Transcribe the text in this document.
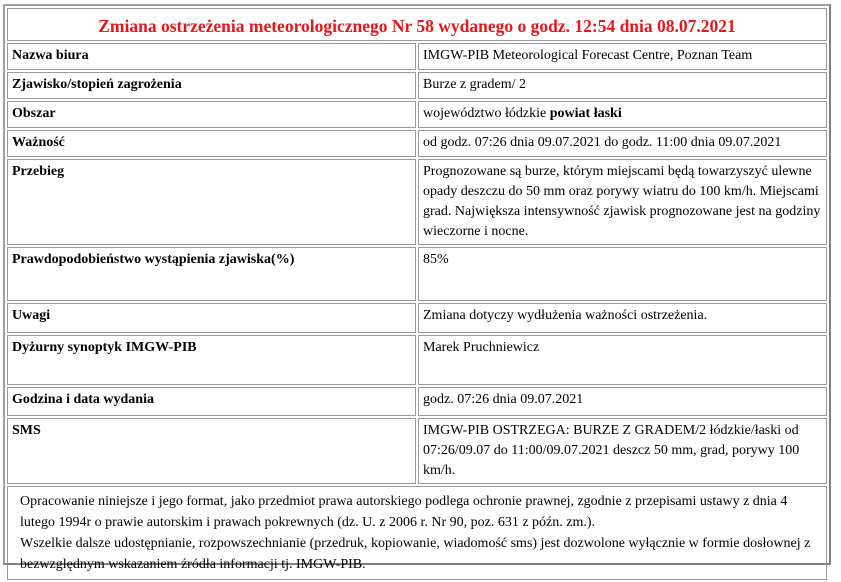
Zmiana ostrzeżenia meteorologicznego Nr 58 wydanego o godz. 12:54 dnia 08.07.2021	
Nazwa biura	IMGW-PIB Meteorological Forecast Centre, Poznan Team
Zjawisko/stopień zagrożenia	Burze z gradem/ 2
Obszar	województwo łódzkie powiat łaski
Ważność	od godz. 07:26 dnia 09.07.2021 do godz. 11:00 dnia 09.07.2021
Przebieg	Prognozowane są burze, którym miejscami będą towarzyszyć ulewne opady deszczu do 50 mm oraz porywy wiatru do 100 km/h. Miejscami grad. Największa intensywność zjawisk prognozowane jest na godziny wieczorne i nocne.
Prawdopodobieństwo wystąpienia zjawiska(%)	85%
Uwagi	Zmiana dotyczy wydłużenia ważności ostrzeżenia.
Dyżurny synoptyk IMGW-PIB	Marek Pruchniewicz
Godzina i data wydania	godz. 07:26 dnia 09.07.2021
SMS	IMGW-PIB OSTRZEGA: BURZE Z GRADEM/2 łódzkie/łaski od 07:26/09.07 do 11:00/09.07.2021 deszcz 50 mm, grad, porywy 100 km/h.

Opracowanie niniejsze i jego format, jako przedmiot prawa autorskiego podlega ochronie prawnej, zgodnie z przepisami ustawy z dnia 4 lutego 1994r o prawie autorskim i prawach pokrewnych (dz. U. z 2006 r. Nr 90, poz. 631 z późn. zm.).
Wszelkie dalsze udostępnianie, rozpowszechnianie (przedruk, kopiowanie, wiadomość sms) jest dozwolone wyłącznie w formie dosłownej z bezwzględnym wskazaniem źródła informacji tj. IMGW-PIB.	
